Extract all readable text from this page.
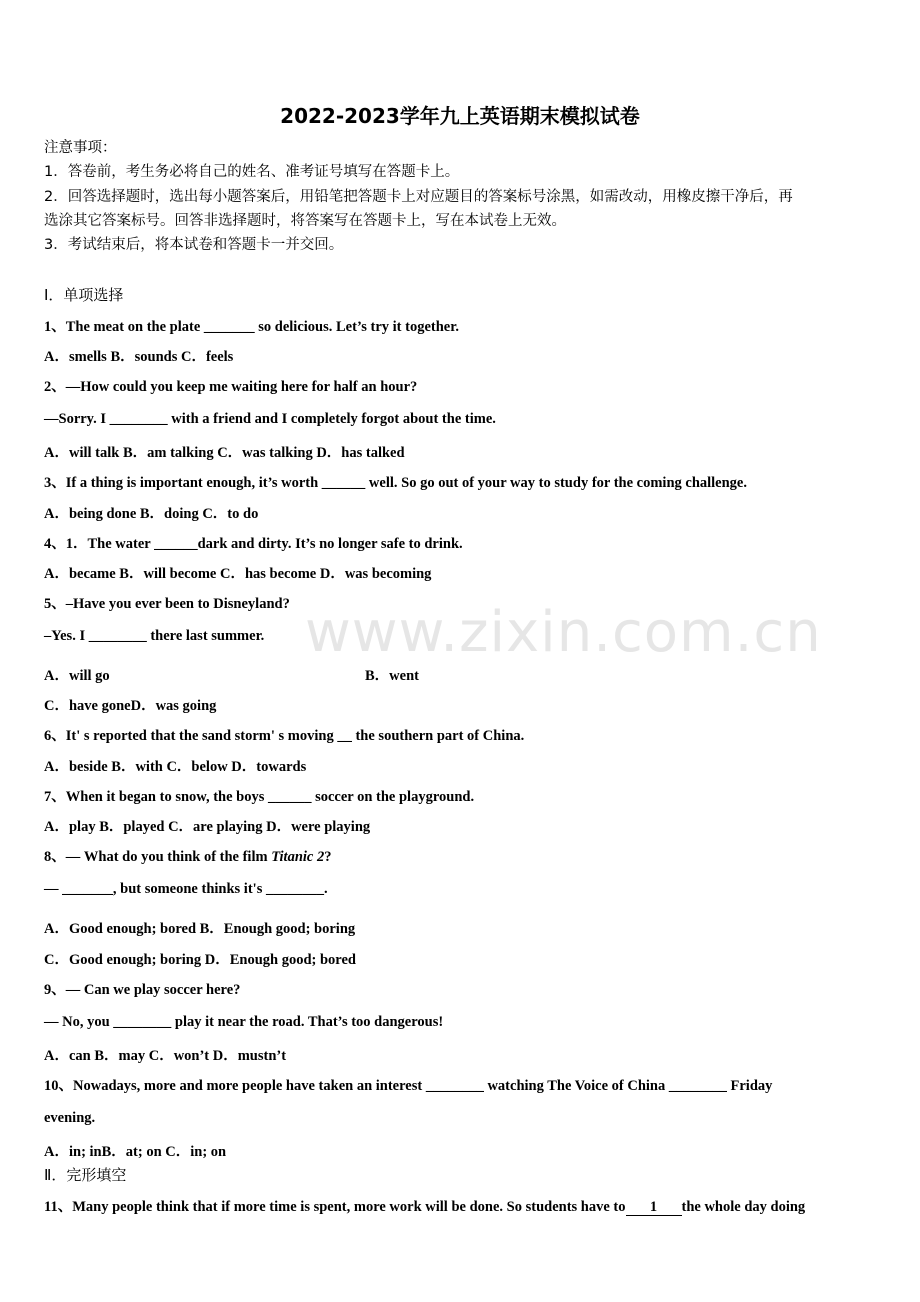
www.zixin.com.cn
2022-2023学年九上英语期末模拟试卷
注意事项：
1．答卷前，考生务必将自己的姓名、准考证号填写在答题卡上。
2．回答选择题时，选出每小题答案后，用铅笔把答题卡上对应题目的答案标号涂黑，如需改动，用橡皮擦干净后，再
选涂其它答案标号。回答非选择题时，将答案写在答题卡上，写在本试卷上无效。
3．考试结束后，将本试卷和答题卡一并交回。
Ⅰ．单项选择
1、The meat on the plate _______ so delicious. Let’s try it together.
A．smells B．sounds C．feels
2、—How could you keep me waiting here for half an hour?
—Sorry. I ________ with a friend and I completely forgot about the time.
A．will talk B．am talking C．was talking D．has talked
3、If a thing is important enough, it’s worth ______ well. So go out of your way to study for the coming challenge.
A．being done B．doing C．to do
4、1．The water ______dark and dirty. It’s no longer safe to drink.
A．became B．will become C．has become D．was becoming
5、–Have you ever been to Disneyland?
–Yes. I ________ there last summer.
A．will go	B．went
C．have goneD．was going
6、It' s reported that the sand storm' s moving __ the southern part of China.
A．beside B．with C．below D．towards
7、When it began to snow, the boys ______ soccer on the playground.
A．play B．played C．are playing D．were playing
8、— What do you think of the film Titanic 2?
— _______, but someone thinks it's ________.
A．Good enough; bored B．Enough good; boring
C．Good enough; boring D．Enough good; bored
9、— Can we play soccer here?
— No, you ________ play it near the road. That’s too dangerous!
A．can B．may C．won’t D．mustn’t
10、Nowadays, more and more people have taken an interest ________ watching The Voice of China ________ Friday
evening.
A．in; inB．at; on C．in; on
Ⅱ．完形填空
11、Many people think that if more time is spent, more work will be done. So students have to 1 the whole day doing
